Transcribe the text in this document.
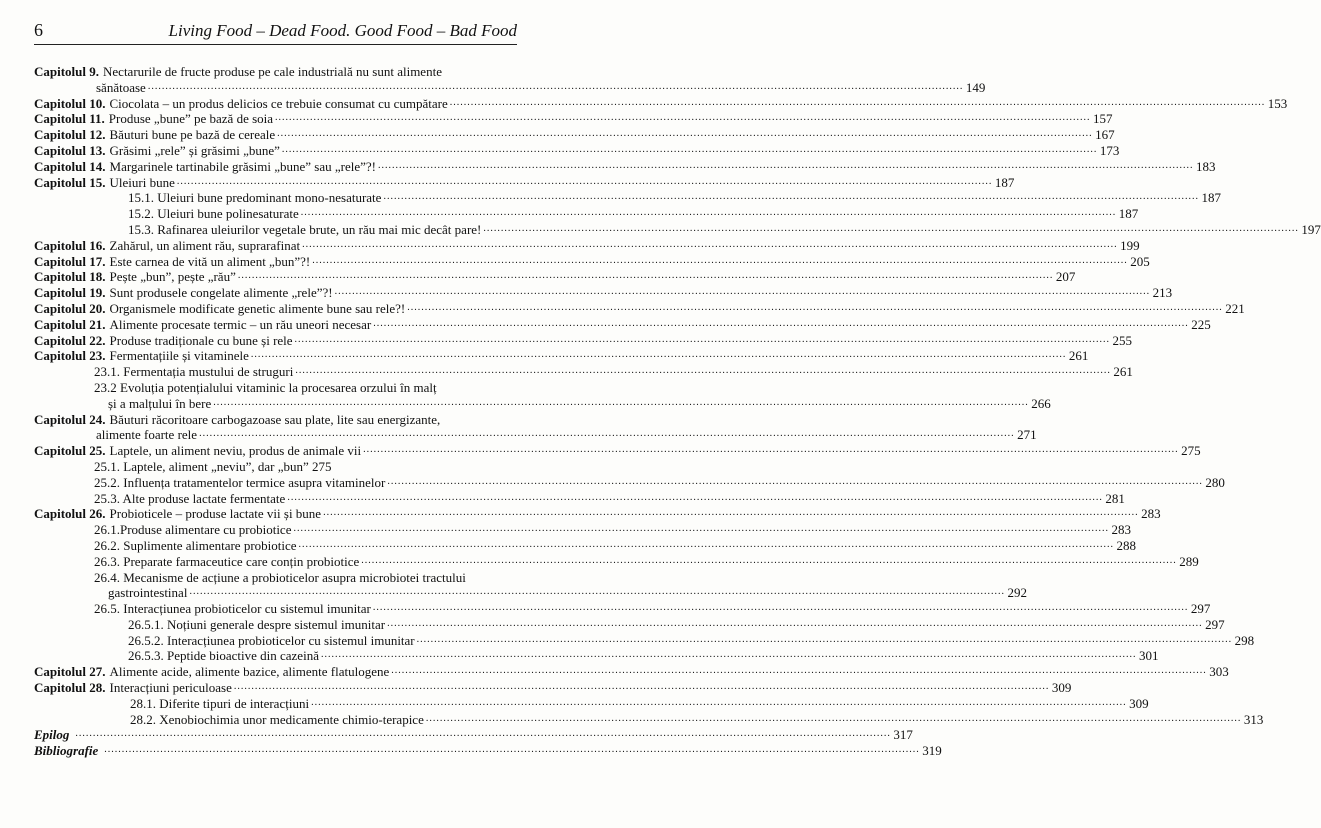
6	Living Food – Dead Food. Good Food – Bad Food
Capitolul 9. Nectarurile de fructe produse pe cale industrială nu sunt alimente
sănătoase .....	149
Capitolul 10. Ciocolata – un produs delicios ce trebuie consumat cu cumpătare .....	153
Capitolul 11. Produse „bune” pe bază de soia .....	157
Capitolul 12. Băuturi bune pe bază de cereale .....	167
Capitolul 13. Grăsimi „rele” și grăsimi „bune” .....	173
Capitolul 14. Margarinele tartinabile grăsimi „bune” sau „rele”?! .....	183
Capitolul 15. Uleiuri bune .....	187
15.1. Uleiuri bune predominant mono-nesaturate .....	187
15.2. Uleiuri bune polinesaturate .....	187
15.3. Rafinarea uleiurilor vegetale brute, un rău mai mic decât pare! .....	197
Capitolul 16. Zahărul, un aliment rău, suprarafinat .....	199
Capitolul 17. Este carnea de vită un aliment „bun”?! .....	205
Capitolul 18. Pește „bun”, pește „rău” .....	207
Capitolul 19. Sunt produsele congelate alimente „rele”?! .....	213
Capitolul 20. Organismele modificate genetic alimente bune sau rele?! .....	221
Capitolul 21. Alimente procesate termic – un rău uneori necesar .....	225
Capitolul 22. Produse tradiționale cu bune și rele .....	255
Capitolul 23. Fermentațiile și vitaminele .....	261
23.1. Fermentația mustului de struguri .....	261
23.2 Evoluția potențialului vitaminic la procesarea orzului în malț
și a malțului în bere .....	266
Capitolul 24. Băuturi răcoritoare carbogazoase sau plate, lite sau energizante,
alimente foarte rele .....	271
Capitolul 25. Laptele, un aliment neviu, produs de animale vii .....	275
25.1. Laptele, aliment „neviu”, dar „bun” 275
25.2. Influența tratamentelor termice asupra vitaminelor .....	280
25.3. Alte produse lactate fermentate .....	281
Capitolul 26. Probioticele – produse lactate vii și bune .....	283
26.1.Produse alimentare cu probiotice .....	283
26.2. Suplimente alimentare probiotice .....	288
26.3. Preparate farmaceutice care conțin probiotice .....	289
26.4. Mecanisme de acțiune a probioticelor asupra microbiotei tractului
gastrointestinal .....	292
26.5. Interacțiunea probioticelor cu sistemul imunitar .....	297
26.5.1. Noțiuni generale despre sistemul imunitar .....	297
26.5.2. Interacțiunea probioticelor cu sistemul imunitar .....	298
26.5.3. Peptide bioactive din cazeină .....	301
Capitolul 27. Alimente acide, alimente bazice, alimente flatulogene .....	303
Capitolul 28. Interacțiuni periculoase .....	309
28.1. Diferite tipuri de interacțiuni .....	309
28.2. Xenobiochimia unor medicamente chimio-terapice .....	313
Epilog .....	317
Bibliografie .....	319
